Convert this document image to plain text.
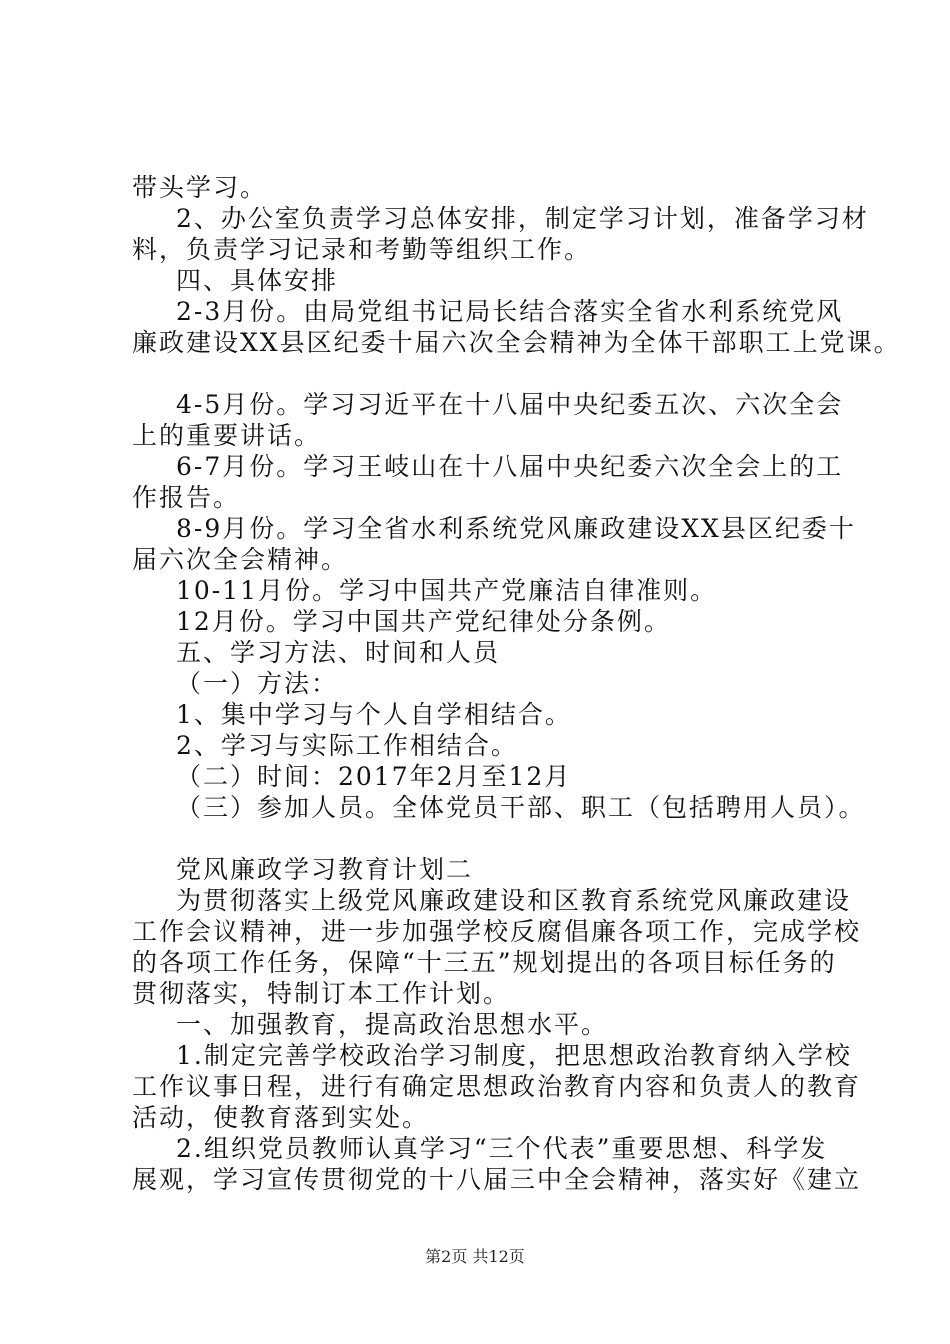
带头学习。
2、办公室负责学习总体安排，制定学习计划，准备学习材
料，负责学习记录和考勤等组织工作。
四、具体安排
2-3月份。由局党组书记局长结合落实全省水利系统党风
廉政建设XX县区纪委十届六次全会精神为全体干部职工上党课。
4-5月份。学习习近平在十八届中央纪委五次、六次全会
上的重要讲话。
6-7月份。学习王岐山在十八届中央纪委六次全会上的工
作报告。
8-9月份。学习全省水利系统党风廉政建设XX县区纪委十
届六次全会精神。
10-11月份。学习中国共产党廉洁自律准则。
12月份。学习中国共产党纪律处分条例。
五、学习方法、时间和人员
（一）方法：
1、集中学习与个人自学相结合。
2、学习与实际工作相结合。
（二）时间：2017年2月至12月
（三）参加人员。全体党员干部、职工（包括聘用人员）。
党风廉政学习教育计划二
为贯彻落实上级党风廉政建设和区教育系统党风廉政建设
工作会议精神，进一步加强学校反腐倡廉各项工作，完成学校
的各项工作任务，保障“十三五”规划提出的各项目标任务的
贯彻落实，特制订本工作计划。
一、加强教育，提高政治思想水平。
1.制定完善学校政治学习制度，把思想政治教育纳入学校
工作议事日程，进行有确定思想政治教育内容和负责人的教育
活动，使教育落到实处。
2.组织党员教师认真学习“三个代表”重要思想、科学发
展观，学习宣传贯彻党的十八届三中全会精神，落实好《建立
第2页 共12页
